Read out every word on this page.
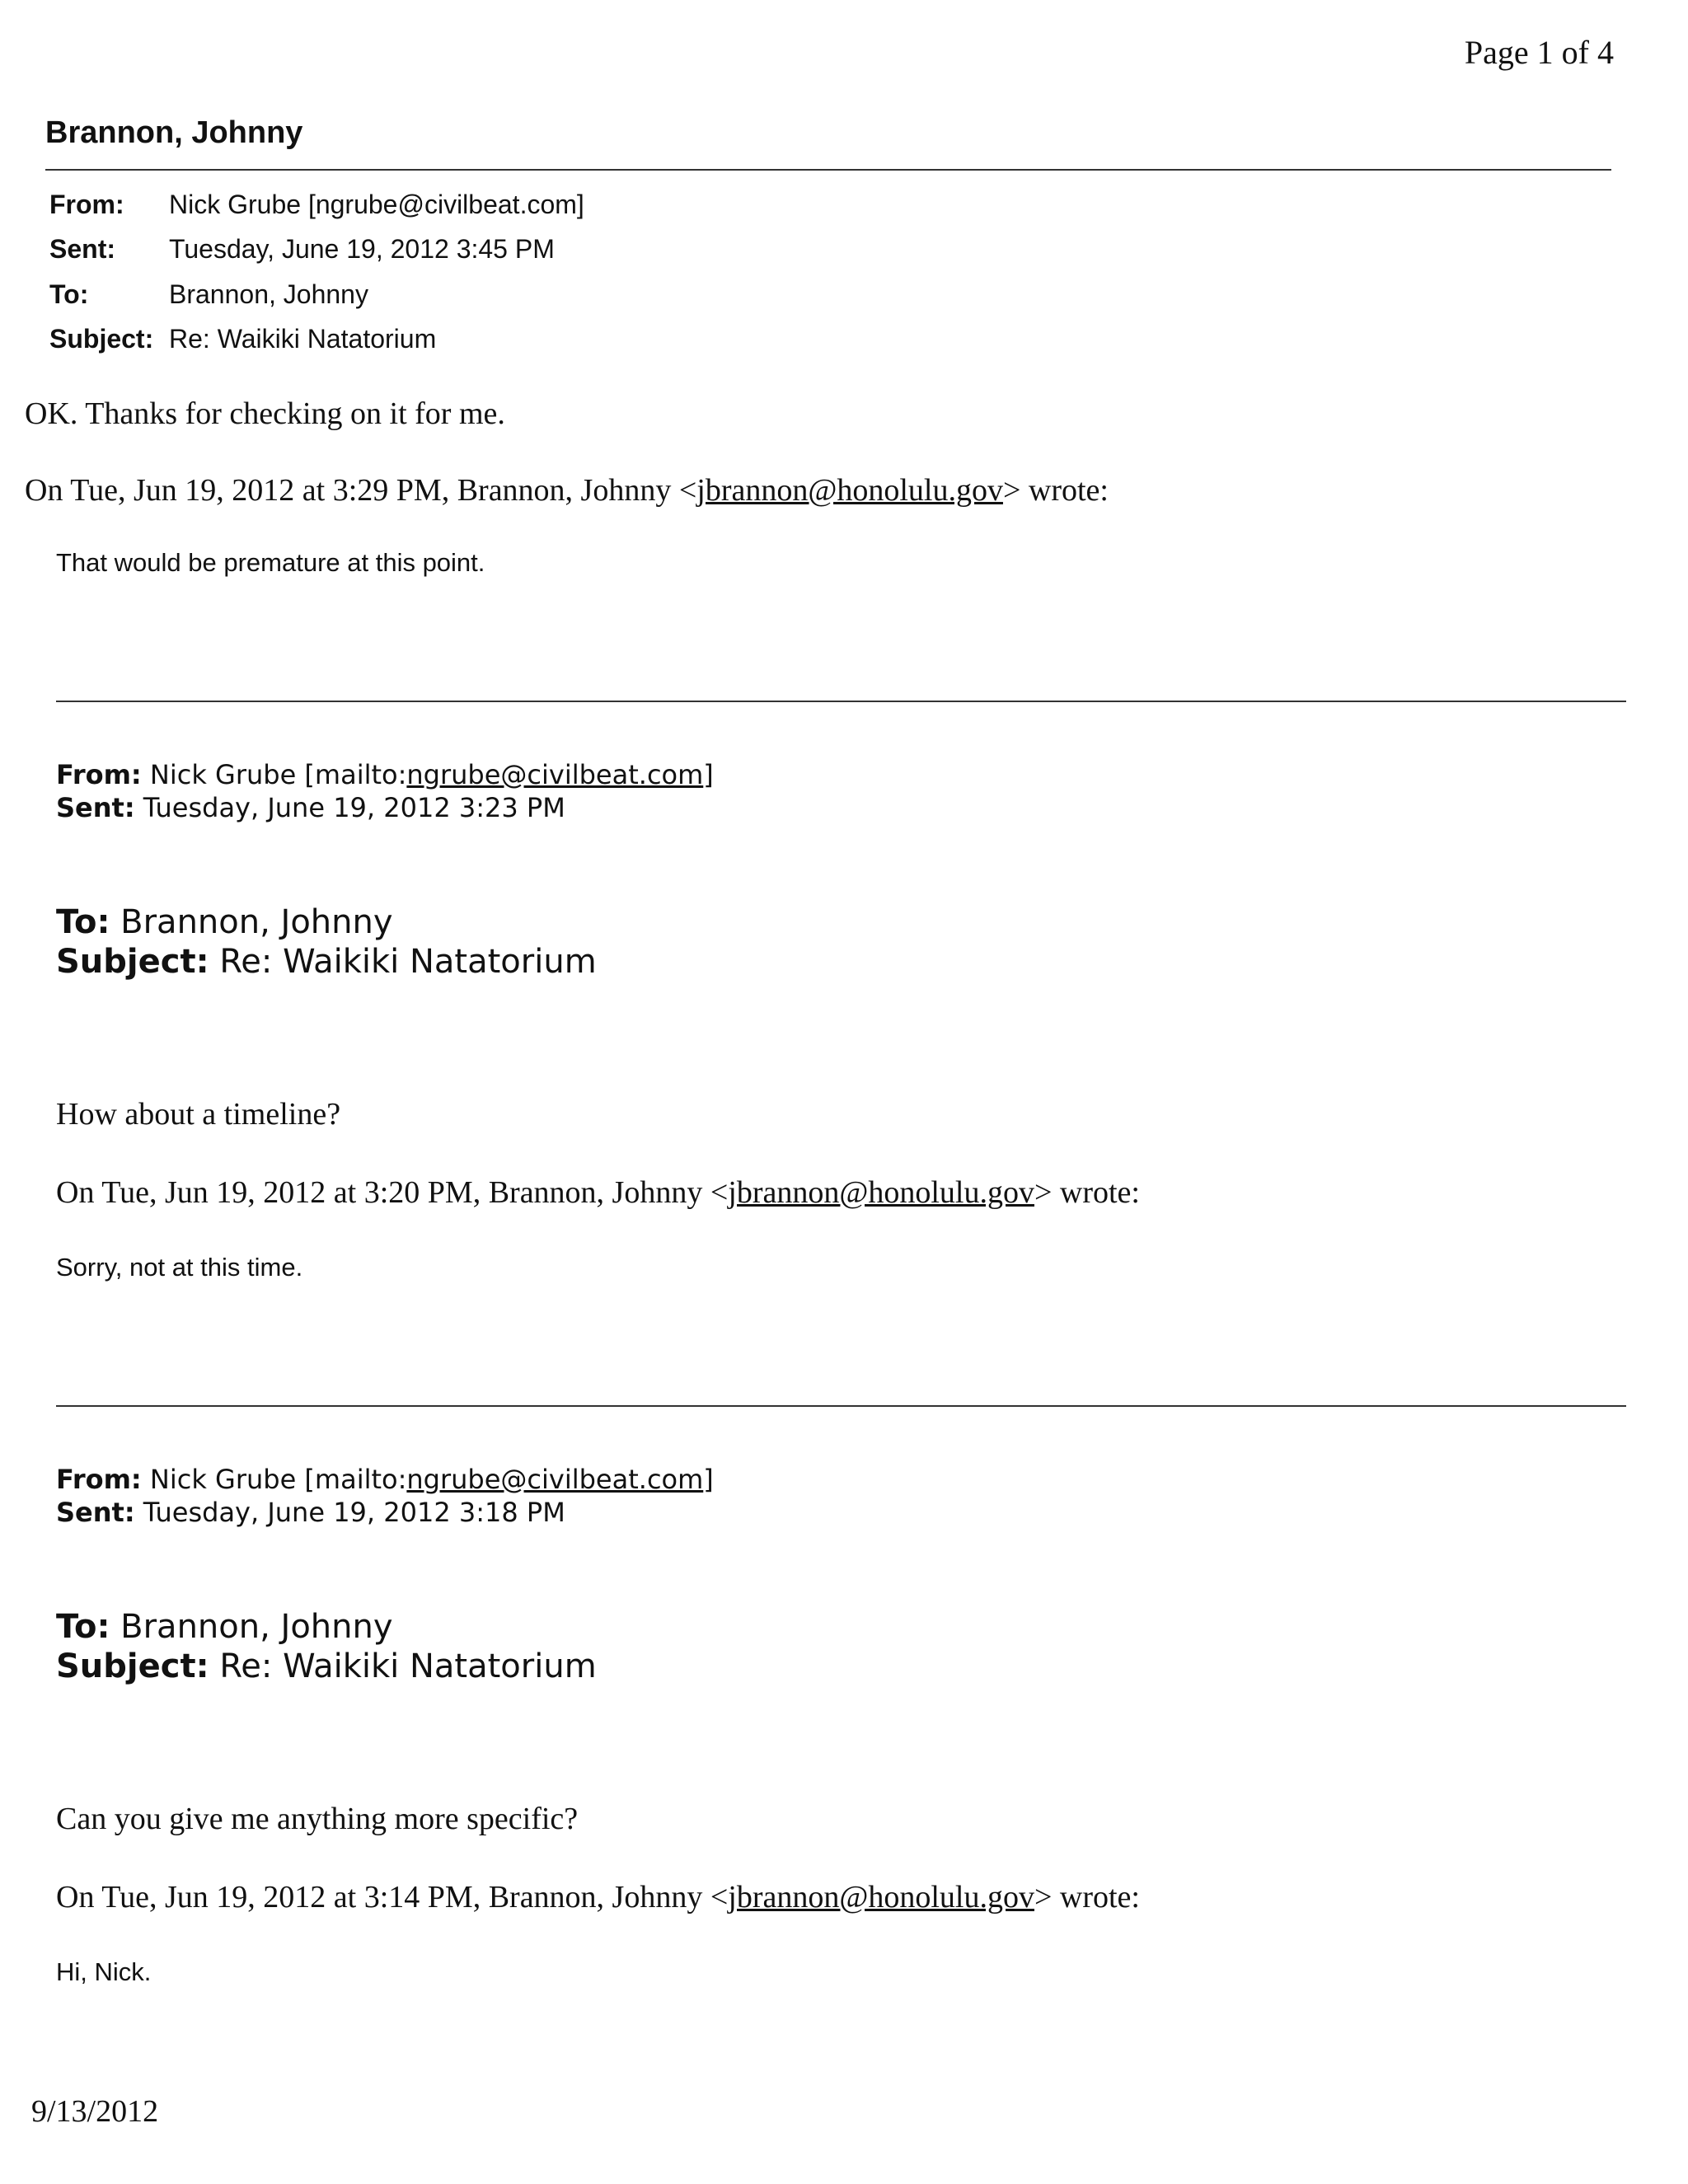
Page 1 of 4
Brannon, Johnny
From: Nick Grube [ngrube@civilbeat.com]
Sent: Tuesday, June 19, 2012 3:45 PM
To:	Brannon, Johnny
Subject: Re: Waikiki Natatorium
OK. Thanks for checking on it for me.
On Tue, Jun 19, 2012 at 3:29 PM, Brannon, Johnny <jbrannon@honolulu.gov> wrote:
That would be premature at this point.
From: Nick Grube [mailto:ngrube@civilbeat.com]
Sent: Tuesday, June 19, 2012 3:23 PM
To: Brannon, Johnny
Subject: Re: Waikiki Natatorium
How about a timeline?
On Tue, Jun 19, 2012 at 3:20 PM, Brannon, Johnny <jbrannon@honolulu.gov> wrote:
Sorry, not at this time.
From: Nick Grube [mailto:ngrube@civilbeat.com]
Sent: Tuesday, June 19, 2012 3:18 PM
To: Brannon, Johnny
Subject: Re: Waikiki Natatorium
Can you give me anything more specific?
On Tue, Jun 19, 2012 at 3:14 PM, Brannon, Johnny <jbrannon@honolulu.gov> wrote:
Hi, Nick.
9/13/2012
